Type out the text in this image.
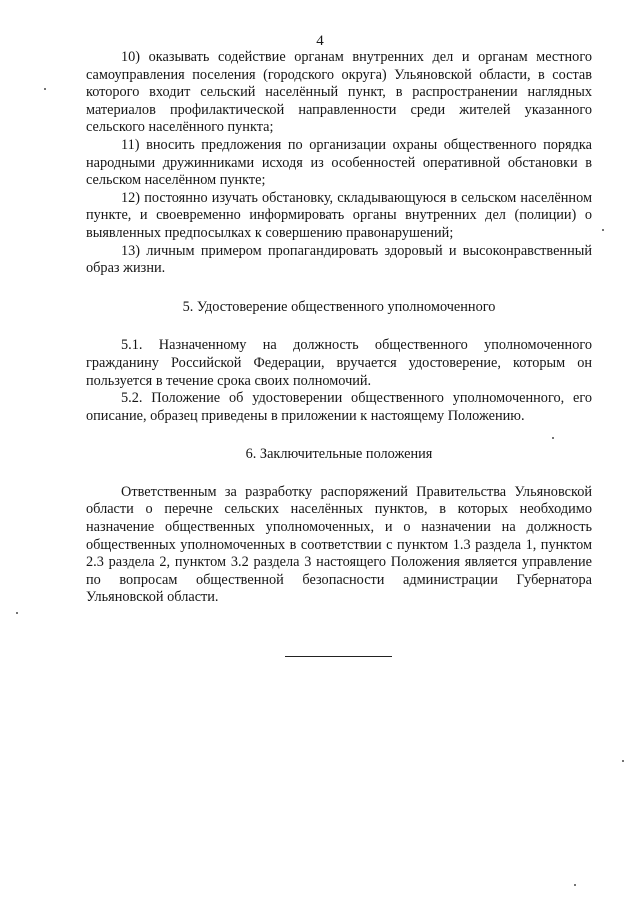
4

10) оказывать содействие органам внутренних дел и органам местного самоуправления поселения (городского округа) Ульяновской области, в состав которого входит сельский населённый пункт, в распространении наглядных материалов профилактической направленности среди жителей указанного сельского населённого пункта;

11) вносить предложения по организации охраны общественного порядка народными дружинниками исходя из особенностей оперативной обстановки в сельском населённом пункте;

12) постоянно изучать обстановку, складывающуюся в сельском населённом пункте, и своевременно информировать органы внутренних дел (полиции) о выявленных предпосылках к совершению правонарушений;

13) личным примером пропагандировать здоровый и высоконравственный образ жизни.

5. Удостоверение общественного уполномоченного

5.1. Назначенному на должность общественного уполномоченного гражданину Российской Федерации, вручается удостоверение, которым он пользуется в течение срока своих полномочий.

5.2. Положение об удостоверении общественного уполномоченного, его описание, образец приведены в приложении к настоящему Положению.

6. Заключительные положения

Ответственным за разработку распоряжений Правительства Ульяновской области о перечне сельских населённых пунктов, в которых необходимо назначение общественных уполномоченных, и о назначении на должность общественных уполномоченных в соответствии с пунктом 1.3 раздела 1, пунктом 2.3 раздела 2, пунктом 3.2 раздела 3 настоящего Положения является управление по вопросам общественной безопасности администрации Губернатора Ульяновской области.
